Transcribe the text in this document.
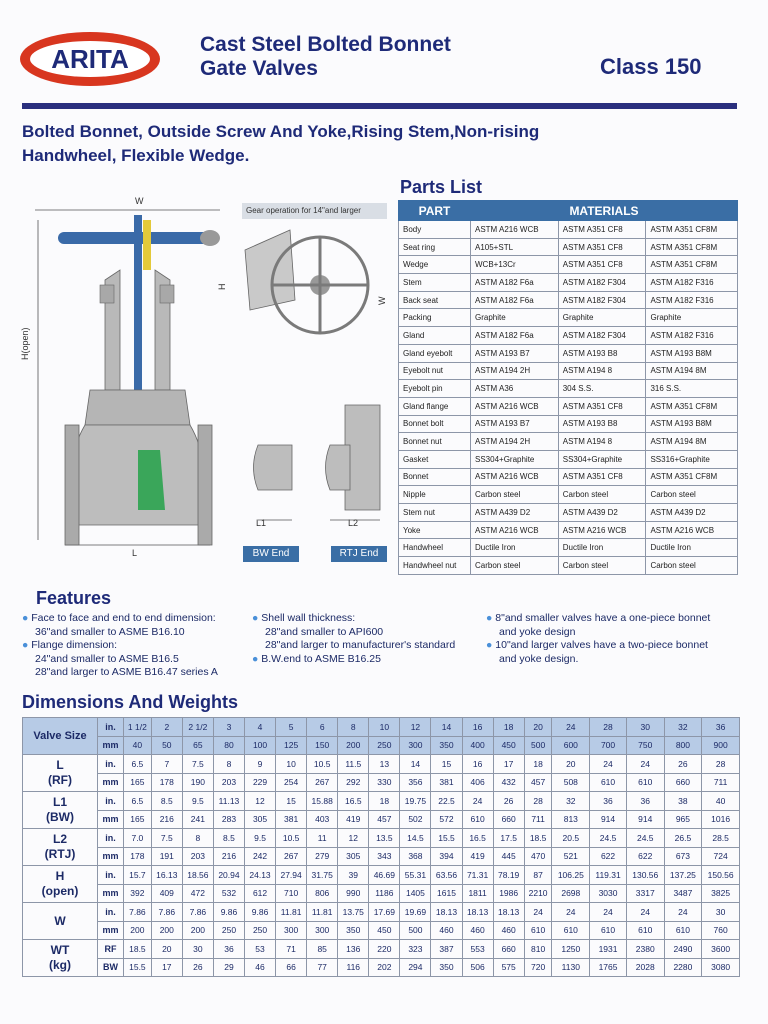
ARITA	Cast Steel Bolted Bonnet
Gate Valves	Class 150
Bolted Bonnet, Outside Screw And Yoke,Rising Stem,Non-rising
Handwheel, Flexible Wedge.
W
H(open)
L
H
W
L1	L2
Gear operation for 14"and larger
BW End	RTJ End
Parts List
PART	MATERIALS		
Body	ASTM A216 WCB	ASTM A351 CF8	ASTM A351 CF8M
Seat ring	A105+STL	ASTM A351 CF8	ASTM A351 CF8M
Wedge	WCB+13Cr	ASTM A351 CF8	ASTM A351 CF8M
Stem	ASTM A182 F6a	ASTM A182 F304	ASTM A182 F316
Back seat	ASTM A182 F6a	ASTM A182 F304	ASTM A182 F316
Packing	Graphite	Graphite	Graphite
Gland	ASTM A182 F6a	ASTM A182 F304	ASTM A182 F316
Gland eyebolt	ASTM A193 B7	ASTM A193 B8	ASTM A193 B8M
Eyebolt nut	ASTM A194 2H	ASTM A194 8	ASTM A194 8M
Eyebolt pin	ASTM A36	304 S.S.	316 S.S.
Gland flange	ASTM A216 WCB	ASTM A351 CF8	ASTM A351 CF8M
Bonnet bolt	ASTM A193 B7	ASTM A193 B8	ASTM A193 B8M
Bonnet nut	ASTM A194 2H	ASTM A194 8	ASTM A194 8M
Gasket	SS304+Graphite	SS304+Graphite	SS316+Graphite
Bonnet	ASTM A216 WCB	ASTM A351 CF8	ASTM A351 CF8M
Nipple	Carbon steel	Carbon steel	Carbon steel
Stem nut	ASTM A439 D2	ASTM A439 D2	ASTM A439 D2
Yoke	ASTM A216 WCB	ASTM A216 WCB	ASTM A216 WCB
Handwheel	Ductile Iron	Ductile Iron	Ductile Iron
Handwheel nut	Carbon steel	Carbon steel	Carbon steel
Features
● Face to face and end to end dimension:
36"and smaller to ASME B16.10
● Flange dimension:
24"and smaller to ASME B16.5
28"and larger to ASME B16.47 series A
● Shell wall thickness:
28"and smaller to API600
28"and larger to manufacturer's standard
● B.W.end to ASME B16.25
● 8"and smaller valves have a one-piece bonnet
and yoke design
● 10"and larger valves have a two-piece bonnet
and yoke design.
Dimensions And Weights
Valve Size	in.	1 1/2	2	2 1/2	3	4	5	6	8	10	12	14	16	18	20	24	28	30	32	36
	mm	40	50	65	80	100	125	150	200	250	300	350	400	450	500	600	700	750	800	900

L
(RF)	in.	6.5	7	7.5	8	9	10	10.5	11.5	13	14	15	16	17	18	20	24	24	26	28
	mm	165	178	190	203	229	254	267	292	330	356	381	406	432	457	508	610	610	660	711

L1
(BW)	in.	6.5	8.5	9.5	11.13	12	15	15.88	16.5	18	19.75	22.5	24	26	28	32	36	36	38	40
	mm	165	216	241	283	305	381	403	419	457	502	572	610	660	711	813	914	914	965	1016

L2
(RTJ)	in.	7.0	7.5	8	8.5	9.5	10.5	11	12	13.5	14.5	15.5	16.5	17.5	18.5	20.5	24.5	24.5	26.5	28.5
	mm	178	191	203	216	242	267	279	305	343	368	394	419	445	470	521	622	622	673	724

H
(open)	in.	15.7	16.13	18.56	20.94	24.13	27.94	31.75	39	46.69	55.31	63.56	71.31	78.19	87	106.25	119.31	130.56	137.25	150.56
	mm	392	409	472	532	612	710	806	990	1186	1405	1615	1811	1986	2210	2698	3030	3317	3487	3825

W	in.	7.86	7.86	7.86	9.86	9.86	11.81	11.81	13.75	17.69	19.69	18.13	18.13	18.13	24	24	24	24	24	30
	mm	200	200	200	250	250	300	300	350	450	500	460	460	460	610	610	610	610	610	760

WT
(kg)	RF	18.5	20	30	36	53	71	85	136	220	323	387	553	660	810	1250	1931	2380	2490	3600
	BW	15.5	17	26	29	46	66	77	116	202	294	350	506	575	720	1130	1765	2028	2280	3080
